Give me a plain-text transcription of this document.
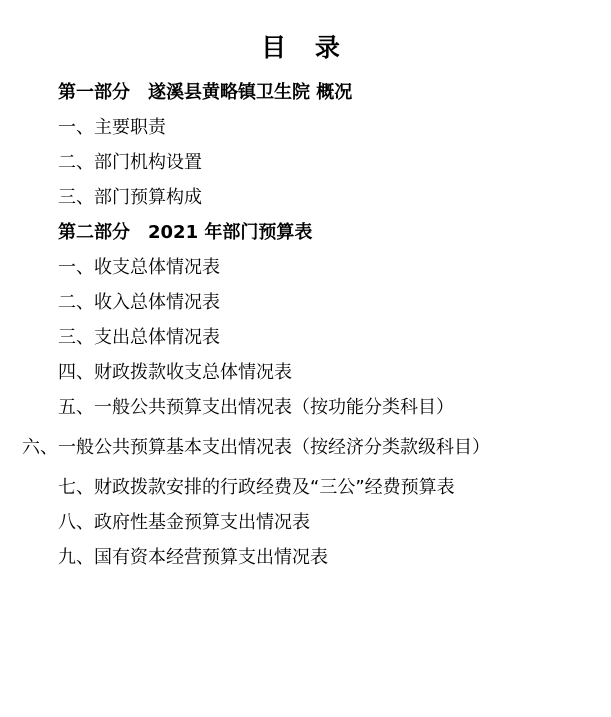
目 录
第一部分　遂溪县黄略镇卫生院 概况
一、主要职责
二、部门机构设置
三、部门预算构成
第二部分　2021 年部门预算表
一、收支总体情况表
二、收入总体情况表
三、支出总体情况表
四、财政拨款收支总体情况表
五、一般公共预算支出情况表（按功能分类科目）
六、一般公共预算基本支出情况表（按经济分类款级科目）
七、财政拨款安排的行政经费及“三公”经费预算表
八、政府性基金预算支出情况表
九、国有资本经营预算支出情况表
